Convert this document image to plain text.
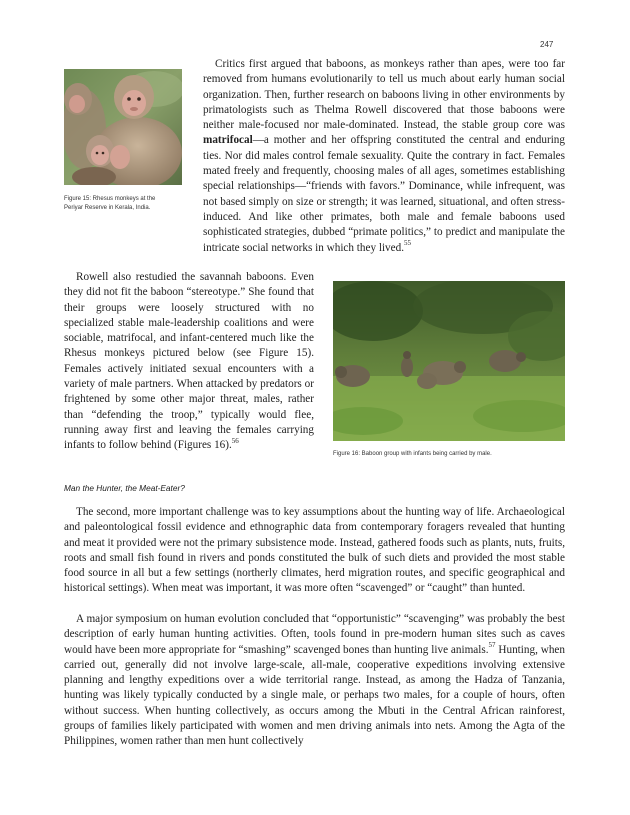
247

Figure 15: Rhesus monkeys at the Periyar Reserve in Kerala, India.

Critics first argued that baboons, as monkeys rather than apes, were too far removed from humans evolutionarily to tell us much about early human social organization. Then, further research on baboons living in other environments by primatologists such as Thelma Rowell discovered that those baboons were neither male-focused nor male-dominated. Instead, the stable group core was matrifocal—a mother and her offspring constituted the central and enduring ties. Nor did males control female sexuality. Quite the contrary in fact. Females mated freely and frequently, choosing males of all ages, sometimes establishing special relationships—“friends with favors.” Dominance, while infrequent, was not based simply on size or strength; it was learned, situational, and often stress-induced. And like other primates, both male and female baboons used sophisticated strategies, dubbed “primate politics,” to predict and manipulate the intricate social networks in which they lived.$^{55}$

Rowell also restudied the savannah baboons. Even they did not fit the baboon “stereotype.” She found that their groups were loosely structured with no specialized stable male-leadership coalitions and were sociable, matrifocal, and infant-centered much like the Rhesus monkeys pictured below (see Figure 15). Females actively initiated sexual encounters with a variety of male partners. When attacked by predators or frightened by some other major threat, males, rather than “defending the troop,” typically would flee, running away first and leaving the females carrying infants to follow behind (Figures 16).$^{56}$

Figure 16: Baboon group with infants being carried by male.

Man the Hunter, the Meat-Eater?

The second, more important challenge was to key assumptions about the hunting way of life. Archaeological and paleontological fossil evidence and ethnographic data from contemporary foragers revealed that hunting and meat it provided were not the primary subsistence mode. Instead, gathered foods such as plants, nuts, fruits, roots and small fish found in rivers and ponds constituted the bulk of such diets and provided the most stable food source in all but a few settings (northerly climates, herd migration routes, and specific geographical and historical settings). When meat was important, it was more often “scavenged” or “caught” than hunted.

A major symposium on human evolution concluded that “opportunistic” “scavenging” was probably the best description of early human hunting activities. Often, tools found in pre-modern human sites such as caves would have been more appropriate for “smashing” scavenged bones than hunting live animals.$^{57}$ Hunting, when carried out, generally did not involve large-scale, all-male, cooperative expeditions involving extensive planning and lengthy expeditions over a wide territorial range. Instead, as among the Hadza of Tanzania, hunting was likely typically conducted by a single male, or perhaps two males, for a couple of hours, often without success. When hunting collectively, as occurs among the Mbuti in the Central African rainforest, groups of families likely participated with women and men driving animals into nets. Among the Agta of the Philippines, women rather than men hunt collectively
